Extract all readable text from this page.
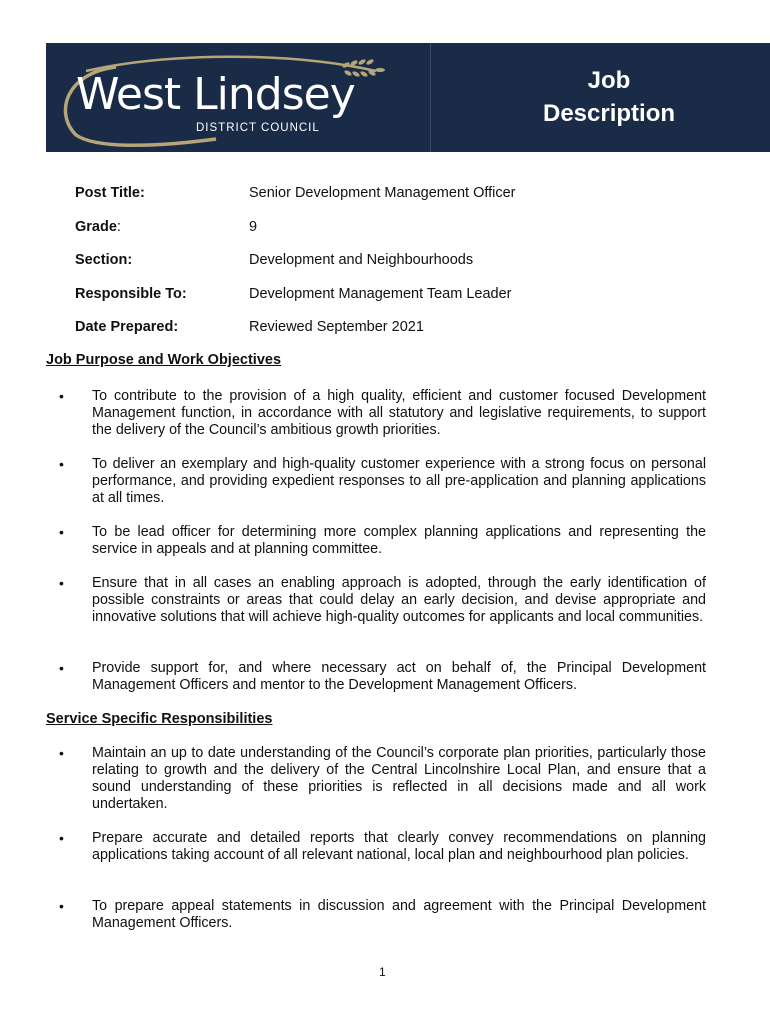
West Lindsey
DISTRICT COUNCIL
Job
Description
Post Title:	Senior Development Management Officer
Grade:	9
Section:	Development and Neighbourhoods
Responsible To:	Development Management Team Leader
Date Prepared:	Reviewed September 2021
Job Purpose and Work Objectives
• To contribute to the provision of a high quality, efficient and customer focused Development Management function, in accordance with all statutory and legislative requirements, to support the delivery of the Council’s ambitious growth priorities.
• To deliver an exemplary and high-quality customer experience with a strong focus on personal performance, and providing expedient responses to all pre-application and planning applications at all times.
• To be lead officer for determining more complex planning applications and representing the service in appeals and at planning committee.
• Ensure that in all cases an enabling approach is adopted, through the early identification of possible constraints or areas that could delay an early decision, and devise appropriate and innovative solutions that will achieve high-quality outcomes for applicants and local communities.
• Provide support for, and where necessary act on behalf of, the Principal Development Management Officers and mentor to the Development Management Officers.
Service Specific Responsibilities
• Maintain an up to date understanding of the Council’s corporate plan priorities, particularly those relating to growth and the delivery of the Central Lincolnshire Local Plan, and ensure that a sound understanding of these priorities is reflected in all decisions made and all work undertaken.
• Prepare accurate and detailed reports that clearly convey recommendations on planning applications taking account of all relevant national, local plan and neighbourhood plan policies.
• To prepare appeal statements in discussion and agreement with the Principal Development Management Officers.
1
